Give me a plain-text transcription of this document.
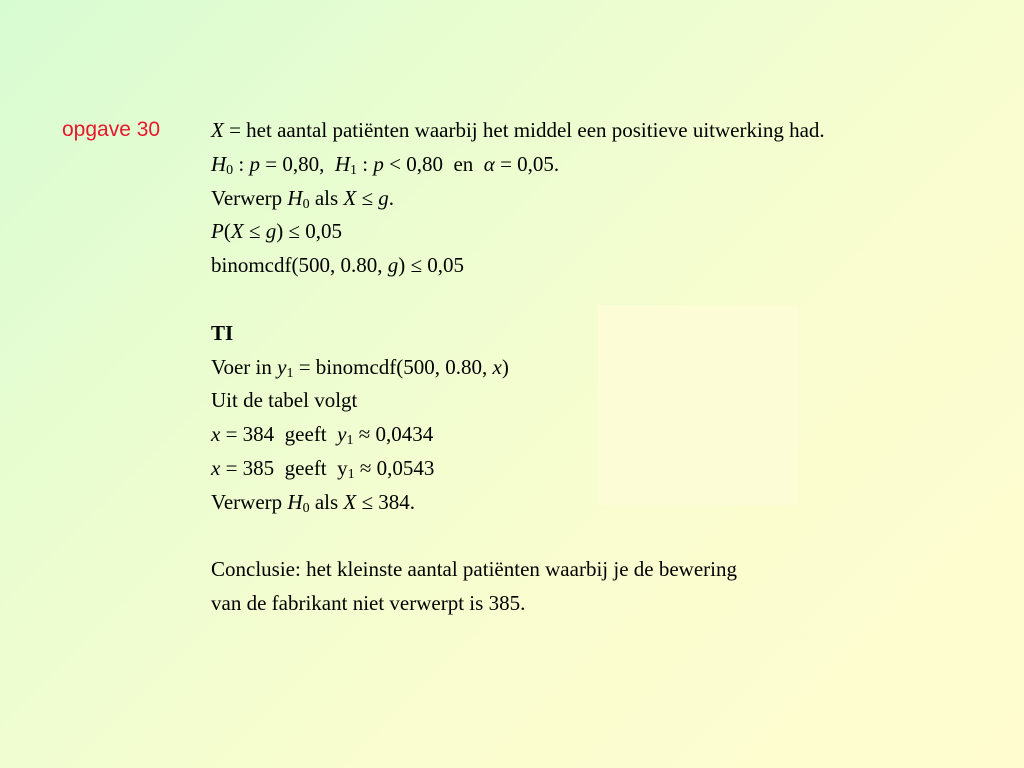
opgave 30 X = het aantal patiënten waarbij het middel een positieve uitwerking had.
$H_0$ : p = 0,80,  $H_1$ : p < 0,80  en  α = 0,05.
Verwerp $H_0$ als X ≤ g.
P(X ≤ g) ≤ 0,05
binomcdf(500, 0.80, g) ≤ 0,05
TI
Voer in $y_1$ = binomcdf(500, 0.80, x)
Uit de tabel volgt
x = 384  geeft  $y_1 \approx 0,0434$
x = 385  geeft  $y_1 \approx 0,0543$
Verwerp $H_0$ als X ≤ 384.
Conclusie: het kleinste aantal patiënten waarbij je de bewering
van de fabrikant niet verwerpt is 385.
